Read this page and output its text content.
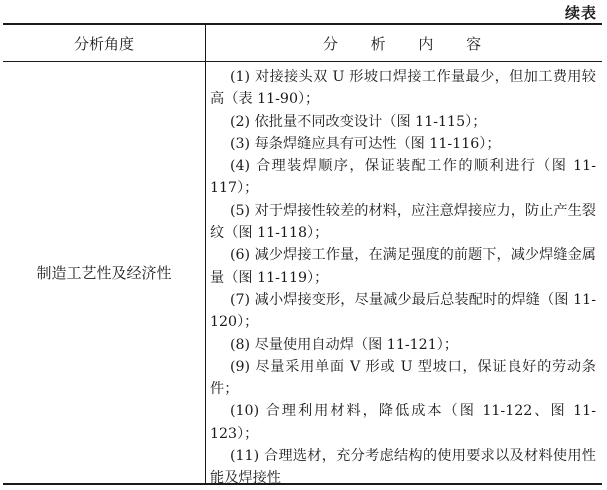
续表
分析角度	分 析 内 容
制造工艺性及经济性

(1) 对接接头双 U 形坡口焊接工作量最少，但加工费用较高（表 11-90）；

(2) 依批量不同改变设计（图 11-115）；

(3) 每条焊缝应具有可达性（图 11-116）；

(4) 合理装焊顺序，保证装配工作的顺利进行（图 11-117）；

(5) 对于焊接性较差的材料，应注意焊接应力，防止产生裂纹（图 11-118）；

(6) 减少焊接工作量，在满足强度的前题下，减少焊缝金属量（图 11-119）；

(7) 减小焊接变形，尽量减少最后总装配时的焊缝（图 11-120）；

(8) 尽量使用自动焊（图 11-121）；

(9) 尽量采用单面 V 形或 U 型坡口，保证良好的劳动条件；

(10) 合理利用材料，降低成本（图 11-122、图 11-123）；

(11) 合理选材，充分考虑结构的使用要求以及材料使用性能及焊接性
